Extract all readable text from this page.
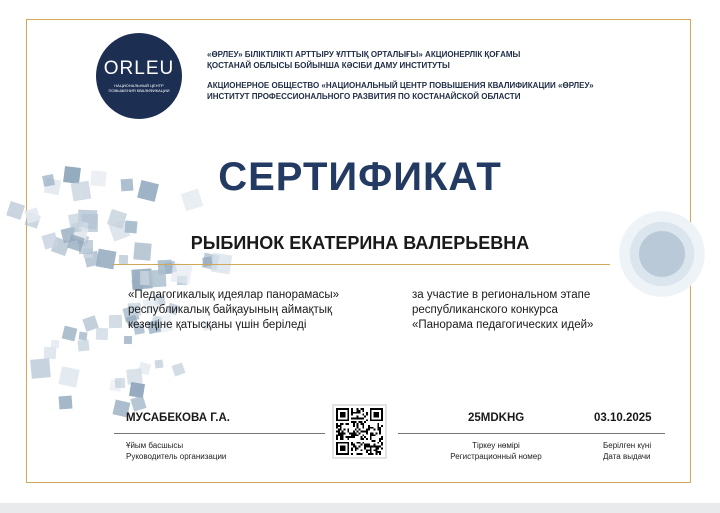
ORLEU
НАЦИОНАЛЬНЫЙ ЦЕНТР ПОВЫШЕНИЯ КВАЛИФИКАЦИИ
«ӨРЛЕУ» БІЛІКТІЛІКТІ АРТТЫРУ ҰЛТТЫҚ ОРТАЛЫҒЫ» АКЦИОНЕРЛІК ҚОҒАМЫ
ҚОСТАНАЙ ОБЛЫСЫ БОЙЫНША КӘСІБИ ДАМУ ИНСТИТУТЫ
АКЦИОНЕРНОЕ ОБЩЕСТВО «НАЦИОНАЛЬНЫЙ ЦЕНТР ПОВЫШЕНИЯ КВАЛИФИКАЦИИ «ӨРЛЕУ»
ИНСТИТУТ ПРОФЕССИОНАЛЬНОГО РАЗВИТИЯ ПО КОСТАНАЙСКОЙ ОБЛАСТИ
СЕРТИФИКАТ
РЫБИНОК ЕКАТЕРИНА ВАЛЕРЬЕВНА
«Педагогикалық идеялар панорамасы»
республикалық байқауының аймақтық
кезеңіне қатысқаны үшін беріледі
за участие в региональном этапе
республиканского конкурса
«Панорама педагогических идей»
МУСАБЕКОВА Г.А.
Ұйым басшысы
Руководитель организации
25MDKHG	03.10.2025
Тіркеу нөмірі
Регистрационный номер
Берілген күні
Дата выдачи
